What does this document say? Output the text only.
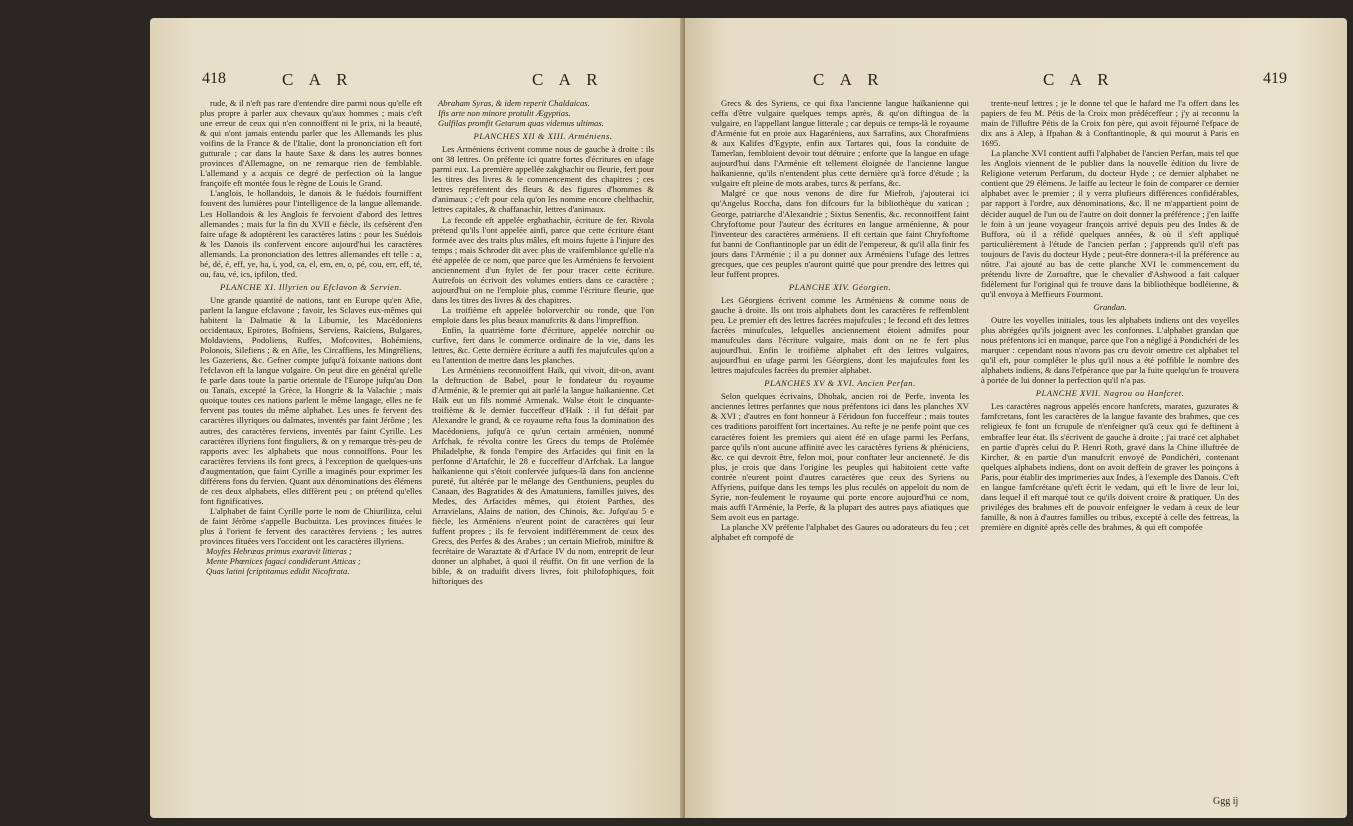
418	C A R	C A R

rude, & il n'eft pas rare d'entendre dire parmi nous qu'elle eft plus propre à parler aux chevaux qu'aux hommes ; mais c'eft une erreur de ceux qui n'en connoiffent ni le prix, ni la beauté, & qui n'ont jamais entendu parler que les Allemands les plus voifins de la France & de l'Italie, dont la prononciation eft fort gutturale ; car dans la haute Saxe & dans les autres bonnes provinces d'Allemagne, on ne remarque rien de femblable. L'allemand y a acquis ce degré de perfection où la langue françoife eft montée fous le règne de Louis le Grand.

L'anglois, le hollandois, le danois & le fuédois fourniffent fouvent des lumières pour l'intelligence de la langue allemande. Les Hollandois & les Anglois fe fervoient d'abord des lettres allemandes ; mais fur la fin du XVII e fiècle, ils cefsèrent d'en faire ufage & adoptèrent les caractères latins : pour les Suédois & les Danois ils confervent encore aujourd'hui les caractères allemands. La prononciation des lettres allemandes eft telle : a, bé, dé, é, eff, ye, ha, i, yod, ca, el, em, en, o, pé, cou, err, eff, té, ou, fau, vé, ics, ipfilon, tfed.

PLANCHE XI. Illyrien ou Efclavon & Servien.

Une grande quantité de nations, tant en Europe qu'en Afie, parlent la langue efclavone ; favoir, les Sclaves eux-mêmes qui habitent la Dalmatie & la Liburnie, les Macédoniens occidentaux, Epirotes, Bofniens, Serviens, Raiciens, Bulgares, Moldaviens, Podoliens, Ruffes, Mofcovites, Bohémiens, Polonois, Silefiens ; & en Afie, les Circaffiens, les Mingréliens, les Gazeriens, &c. Gefner compte jufqu'à foixante nations dont l'efclavon eft la langue vulgaire. On peut dire en général qu'elle fe parle dans toute la partie orientale de l'Europe jufqu'au Don ou Tanaïs, excepté la Grèce, la Hongrie & la Valachie ; mais quoique toutes ces nations parlent le même langage, elles ne fe fervent pas toutes du même alphabet. Les unes fe fervent des caractères illyriques ou dalmates, inventés par faint Jérôme ; les autres, des caractères ferviens, inventés par faint Cyrille. Les caractères illyriens font finguliers, & on y remarque très-peu de rapports avec les alphabets que nous connoiffons. Pour les caractères ferviens ils font grecs, à l'exception de quelques-uns d'augmentation, que faint Cyrille a imaginés pour exprimer les différens fons du fervien. Quant aux dénominations des élémens de ces deux alphabets, elles diffèrent peu ; on prétend qu'elles font fignificatives.

L'alphabet de faint Cyrille porte le nom de Chiurilitza, celui de faint Jérôme s'appelle Bucbuitza. Les provinces fituées le plus à l'orient fe fervent des caractères ferviens ; les autres provinces fituées vers l'occident ont les caractères illyriens.

Moyfes Hebræas primus exaravit litteras ;

Mente Phœnices fagaci condiderunt Atticas ;

Quas latini fcriptitamus edidit Nicoftrata.

Abraham Syras, & idem reperit Chaldaicas.

Ifis arte non minore protulit Ægyptias.

Gulfilas promfit Getarum quas videmus ultimas.

PLANCHES XII & XIII. Arméniens.

Les Arméniens écrivent comme nous de gauche à droite : ils ont 38 lettres. On préfente ici quatre fortes d'écritures en ufage parmi eux. La première appellée zakghachir ou fleurie, fert pour les titres des livres & le commencement des chapitres ; ces lettres repréfentent des fleurs & des figures d'hommes & d'animaux ; c'eft pour cela qu'on les nomme encore chelthachir, lettres capitales, & chaffanachir, lettres d'animaux.

La feconde eft appelée erghathachir, écriture de fer. Rivola prétend qu'ils l'ont appelée ainfi, parce que cette écriture étant formée avec des traits plus mâles, eft moins fujette à l'injure des temps ; mais Schroder dit avec plus de vraifemblance qu'elle n'a été appelée de ce nom, que parce que les Arméniens fe fervoient anciennement d'un ftylet de fer pour tracer cette écriture. Autrefois on écrivoit des volumes entiers dans ce caractère ; aujourd'hui on ne l'emploie plus, comme l'écriture fleurie, que dans les titres des livres & des chapitres.

La troifième eft appelée bolorverchir ou ronde, que l'on emploie dans les plus beaux manufcrits & dans l'impreffion.

Enfin, la quatrième forte d'écriture, appelée notrchir ou curfive, fert dans le commerce ordinaire de la vie, dans les lettres, &c. Cette dernière écriture a auffi fes majufcules qu'on a eu l'attention de mettre dans les planches.

Les Arméniens reconnoiffent Haïk, qui vivoit, dit-on, avant la deftruction de Babel, pour le fondateur du royaume d'Arménie, & le premier qui ait parlé la langue haïkanienne. Cet Haïk eut un fils nommé Armenak. Walse étoit le cinquante-troifième & le dernier fucceffeur d'Haïk : il fut défait par Alexandre le grand, & ce royaume refta fous la domination des Macédoniens, jufqu'à ce qu'un certain arménien, nommé Arfchak, fe révolta contre les Grecs du temps de Ptolémée Philadelphe, & fonda l'empire des Arfacides qui finit en la perfonne d'Artafchir, le 28 e fucceffeur d'Arfchak. La langue haïkanienne qui s'étoit confervée jufques-là dans fon ancienne pureté, fut altérée par le mélange des Genthuniens, peuples du Canaan, des Bagratides & des Amatuniens, familles juives, des Medes, des Arfacides mêmes, qui étoient Parthes, des Arravielans, Alains de nation, des Chinois, &c. Jufqu'au 5 e fiècle, les Arméniens n'eurent point de caractères qui leur fuffent propres ; ils fe fervoient indifféremment de ceux des Grecs, des Perfes & des Arabes ; un certain Miefrob, miniftre & fecrétaire de Waraztate & d'Arface IV du nom, entreprit de leur donner un alphabet, à quoi il réuffit. On fit une verfion de la bible, & on traduifit divers livres, foit philofophiques, foit hiftoriques des

C A R	C A R	419

Grecs & des Syriens, ce qui fixa l'ancienne langue haïkanienne qui ceffa d'être vulgaire quelques temps après, & qu'on diftingua de la vulgaire, en l'appellant langue litterale ; car depuis ce temps-là le royaume d'Arménie fut en proie aux Hagaréniens, aux Sarrafins, aux Chorafmiens & aux Kalifes d'Egypte, enfin aux Tartares qui, fous la conduite de Tamerlan, fembloient devoir tout détruire ; enforte que la langue en ufage aujourd'hui dans l'Arménie eft tellement éloignée de l'ancienne langue haïkanienne, qu'ils n'entendent plus cette dernière qu'à force d'étude ; la vulgaire eft pleine de mots arabes, turcs & perfans, &c.

Malgré ce que nous venons de dire fur Miefrob, j'ajouterai ici qu'Angelus Roccha, dans fon difcours fur la bibliothèque du vatican ; George, patriarche d'Alexandrie ; Sixtus Senenfis, &c. reconnoiffent faint Chryfoftome pour l'auteur des écritures en langue arménienne, & pour l'inventeur des caractères arméniens. Il eft certain que faint Chryfoftome fut banni de Conftantinople par un édit de l'empereur, & qu'il alla finir fes jours dans l'Arménie ; il a pu donner aux Arméniens l'ufage des lettres grecques, que ces peuples n'auront quitté que pour prendre des lettres qui leur fuffent propres.

PLANCHE XIV. Géorgien.

Les Géorgiens écrivent comme les Arméniens & comme nous de gauche à droite. Ils ont trois alphabets dont les caractères fe reffemblent peu. Le premier eft des lettres facrées majufcules ; le fecond eft des lettres facrées minufcules, lefquelles anciennement étoient admifes pour manufcules dans l'écriture vulgaire, mais dont on ne fe fert plus aujourd'hui. Enfin le troifième alphabet eft des lettres vulgaires, aujourd'hui en ufage parmi les Géorgiens, dont les majufcules font les lettres majufcules facrées du premier alphabet.

PLANCHES XV & XVI. Ancien Perfan.

Selon quelques écrivains, Dhohak, ancien roi de Perfe, inventa les anciennes lettres perfannes que nous préfentons ici dans les planches XV & XVI ; d'autres en font honneur à Féridoun fon fucceffeur ; mais toutes ces traditions paroiffent fort incertaines. Au refte je ne penfe point que ces caractères foient les premiers qui aient été en ufage parmi les Perfans, parce qu'ils n'ont aucune affinité avec les caractères fyriens & phéniciens, &c. ce qui devroit être, felon moi, pour conftater leur ancienneté. Je dis plus, je crois que dans l'origine les peuples qui habitoient cette vafte contrée n'eurent point d'autres caractères que ceux des Syriens ou Affyriens, puifque dans les temps les plus reculés on appeloit du nom de Syrie, non-feulement le royaume qui porte encore aujourd'hui ce nom, mais auffi l'Arménie, la Perfe, & la plupart des autres pays afiatiques que Sem avoit eus en partage.

La planche XV préfente l'alphabet des Gaures ou adorateurs du feu ; cet alphabet eft compofé de

trente-neuf lettres ; je le donne tel que le hafard me l'a offert dans les papiers de feu M. Pétis de la Croix mon prédéceffeur ; j'y ai reconnu la main de l'illuftre Pétis de la Croix fon père, qui avoit féjourné l'efpace de dix ans à Alep, à Ifpahan & à Conftantinople, & qui mourut à Paris en 1695.

La planche XVI contient auffi l'alphabet de l'ancien Perfan, mais tel que les Anglois viennent de le publier dans la nouvelle édition du livre de Religione veterum Perfarum, du docteur Hyde ; ce dernier alphabet ne contient que 29 élémens. Je laiffe au lecteur le foin de comparer ce dernier alphabet avec le premier ; il y verra plufieurs différences confidérables, par rapport à l'ordre, aux dénominations, &c. Il ne m'appartient point de décider auquel de l'un ou de l'autre on doit donner la préférence ; j'en laiffe le foin à un jeune voyageur françois arrivé depuis peu des Indes & de Buffora, où il a réfidé quelques années, & où il s'eft appliqué particulièrement à l'étude de l'ancien perfan ; j'apprends qu'il n'eft pas toujours de l'avis du docteur Hyde ; peut-être donnera-t-il la préférence au nôtre. J'ai ajouté au bas de cette planche XVI le commencement du prétendu livre de Zoroaftre, que le chevalier d'Ashwood a fait calquer fidèlement fur l'original qui fe trouve dans la bibliothèque bodléienne, & qu'il envoya à Meffieurs Fourmont.

Grandan.

Outre les voyelles initiales, tous les alphabets indiens ont des voyelles plus abrégées qu'ils joignent avec les confonnes. L'alphabet grandan que nous préfentons ici en manque, parce que l'on a négligé à Pondichéri de les marquer : cependant nous n'avons pas cru devoir omettre cet alphabet tel qu'il eft, pour compléter le plus qu'il nous a été poffible le nombre des alphabets indiens, & dans l'efpérance que par la fuite quelqu'un fe trouvera à portée de lui donner la perfection qu'il n'a pas.

PLANCHE XVII. Nagrou ou Hanfcret.

Les caractères nagrous appelés encore hanfcrets, marates, guzurates & famfcretans, font les caractères de la langue favante des brahmes, que ces religieux fe font un fcrupule de n'enfeigner qu'à ceux qui fe deftinent à embraffer leur état. Ils s'écrivent de gauche à droite ; j'ai tracé cet alphabet en partie d'après celui du P. Henri Roth, gravé dans la Chine illuftrée de Kircher, & en partie d'un manufcrit envoyé de Pondichéri, contenant quelques alphabets indiens, dont on avoit deffein de graver les poinçons à Paris, pour établir des imprimeries aux Indes, à l'exemple des Danois. C'eft en langue famfcrétane qu'eft écrit le vedam, qui eft le livre de leur loi, dans lequel il eft marqué tout ce qu'ils doivent croire & pratiquer. Un des priviléges des brahmes eft de pouvoir enfeigner le vedam à ceux de leur famille, & non à d'autres familles ou tribus, excepté à celle des fettreas, la première en dignité après celle des brahmes, & qui eft compofée

Ggg ij
